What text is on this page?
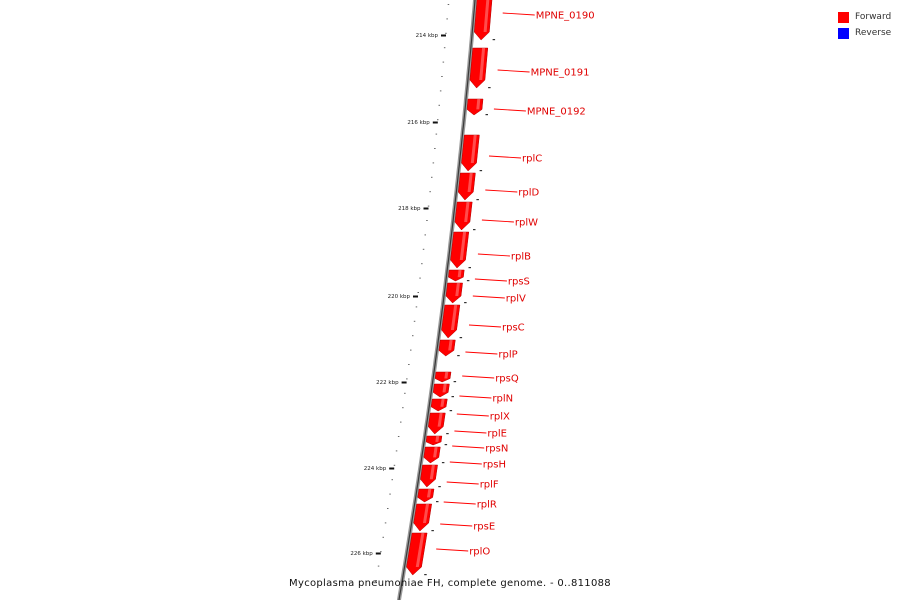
214 kbp
216 kbp
218 kbp
220 kbp
222 kbp
224 kbp
226 kbp
MPNE_0190
MPNE_0191
MPNE_0192
rplC
rplD
rplW
rplB
rpsS
rplV
rpsC
rplP
rpsQ
rplN
rplX
rplE
rpsN
rpsH
rplF
rplR
rpsE
rplO
Forward
Reverse
Mycoplasma pneumoniae FH, complete genome. - 0..811088
